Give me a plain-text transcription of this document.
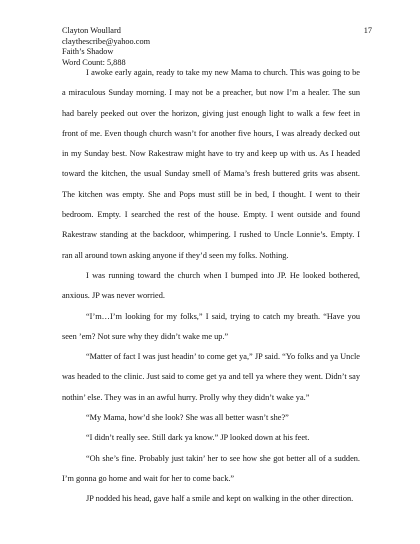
Clayton Woullard
claythescribe@yahoo.com
Faith’s Shadow
Word Count: 5,888
17

I awoke early again, ready to take my new Mama to church. This was going to be a miraculous Sunday morning. I may not be a preacher, but now I’m a healer. The sun had barely peeked out over the horizon, giving just enough light to walk a few feet in front of me. Even though church wasn’t for another five hours, I was already decked out in my Sunday best. Now Rakestraw might have to try and keep up with us. As I headed toward the kitchen, the usual Sunday smell of Mama’s fresh buttered grits was absent. The kitchen was empty. She and Pops must still be in bed, I thought. I went to their bedroom. Empty. I searched the rest of the house. Empty. I went outside and found Rakestraw standing at the backdoor, whimpering. I rushed to Uncle Lonnie’s. Empty. I ran all around town asking anyone if they’d seen my folks. Nothing.

I was running toward the church when I bumped into JP. He looked bothered, anxious. JP was never worried.

“I’m…I’m looking for my folks,” I said, trying to catch my breath. “Have you seen ’em? Not sure why they didn’t wake me up.”

“Matter of fact I was just headin’ to come get ya,” JP said. “Yo folks and ya Uncle was headed to the clinic. Just said to come get ya and tell ya where they went. Didn’t say nothin’ else. They was in an awful hurry. Prolly why they didn’t wake ya.”

“My Mama, how’d she look? She was all better wasn’t she?”

“I didn’t really see. Still dark ya know.” JP looked down at his feet.

“Oh she’s fine. Probably just takin’ her to see how she got better all of a sudden. I’m gonna go home and wait for her to come back.”

JP nodded his head, gave half a smile and kept on walking in the other direction.
